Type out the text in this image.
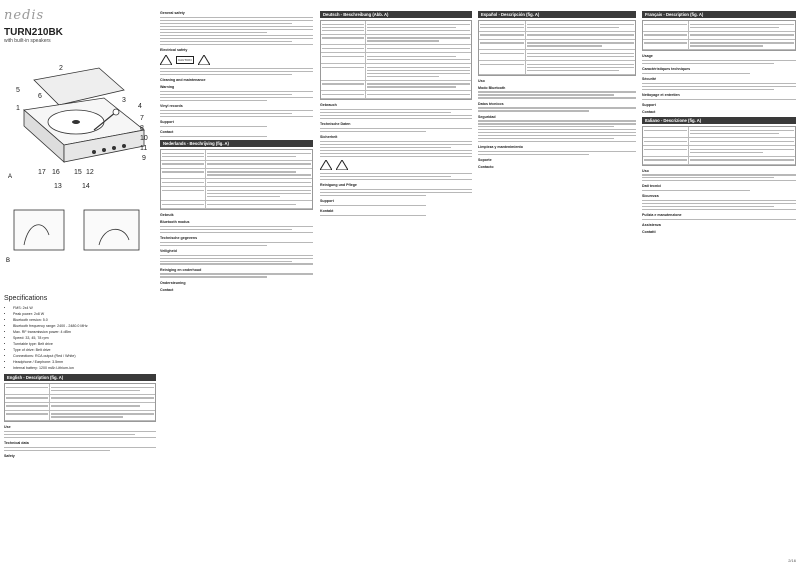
nedis
TURN210BK
with built-in speakers
1
2
3
4
5
6
7
8
9
10
11
12
13	14
15
16
17
A
B
Specifications
• FMS: 2x4 W
• Peak power: 2x8 W
• Bluetooth version: 5.0
• Bluetooth frequency range: 2400 - 2480.0 MHz
• Max. RF transmission power: 4 dBm
• Speed: 33, 45, 78 rpm
• Turntable type: Belt drive
• Type of drive: Belt drive
• Connections: RCA output (Red / White)
• Headphone / Earphone: 3.5mm
• Internal battery: 1200 mAh Lithium-ion
English - Description (fig. A)
Use
Technical data
Safety
General safety
Electrical safety
CAUTION
Cleaning and maintenance
Warning
Vinyl records
Support
Contact
Nederlands - Beschrijving (fig. A)
Gebruik
Bluetooth modus
Technische gegevens
Veiligheid
Reiniging en onderhoud
Ondersteuning
Contact
Deutsch - Beschreibung (Abb. A)
Gebrauch
Technische Daten
Sicherheit
Reinigung und Pflege
Support
Kontakt
Español - Descripción (fig. A)
Uso
Modo Bluetooth
Datos técnicos
Seguridad
Limpieza y mantenimiento
Soporte
Contacto
Français - Description (fig. A)
Usage
Caractéristiques techniques
Sécurité
Nettoyage et entretien
Support
Contact
Italiano - Descrizione (fig. A)
Uso
Dati tecnici
Sicurezza
Pulizia e manutenzione
Assistenza
Contatti
2/16
